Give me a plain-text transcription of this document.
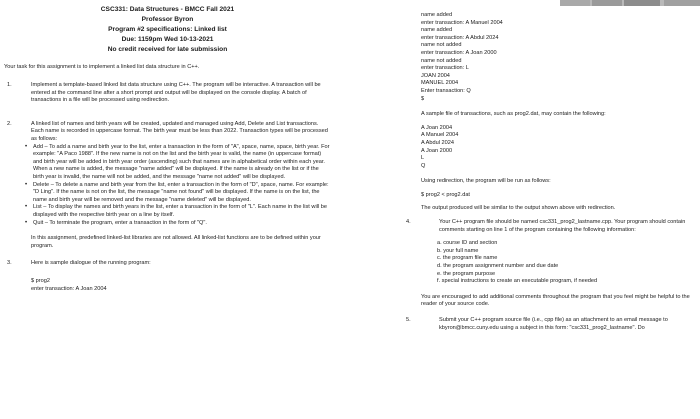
CSC331: Data Structures - BMCC Fall 2021

Professor Byron

Program #2 specifications: Linked list

Due: 1159pm Wed 10-13-2021

No credit received for late submission

Your task for this assignment is to implement a linked list data structure in C++.

1.	Implement a template-based linked list data structure using C++. The program will be interactive. A transaction will be entered at the command line after a short prompt and output will be displayed on the console display. A batch of transactions in a file will be processed using redirection.

2.	A linked list of names and birth years will be created, updated and managed using Add, Delete and List transactions. Each name is recorded in uppercase format. The birth year must be less than 2022. Transaction types will be processed as follows:

• Add – To add a name and birth year to the list, enter a transaction in the form of "A", space, name, space, birth year. For example: "A Paco 1988". If the new name is not on the list and the birth year is valid, the name (in uppercase format) and birth year will be added in birth year order (ascending) such that names are in alphabetical order within each year. When a new name is added, the message "name added" will be displayed. If the name is already on the list or if the birth year is invalid, the name will not be added, and the message "name not added" will be displayed.
• Delete – To delete a name and birth year from the list, enter a transaction in the form of "D", space, name. For example: "D Ling". If the name is not on the list, the message "name not found" will be displayed. If the name is on the list, the name and birth year will be removed and the message "name deleted" will be displayed.
• List – To display the names and birth years in the list, enter a transaction in the form of "L". Each name in the list will be displayed with the respective birth year on a line by itself.
• Quit – To terminate the program, enter a transaction in the form of "Q".

In this assignment, predefined linked-list libraries are not allowed. All linked-list functions are to be defined within your program.

3.	Here is sample dialogue of the running program:

$ prog2

enter transaction: A Joan 2004

name added

enter transaction: A Manuel 2004

name added

enter transaction: A Abdul 2024

name not added

enter transaction: A Joan 2000

name not added

enter transaction: L

JOAN 2004

MANUEL 2004

Enter transaction: Q

$

A sample file of transactions, such as prog2.dat, may contain the following:

A Joan 2004

A Manuel 2004

A Abdul 2024

A Joan 2000

L

Q

Using redirection, the program will be run as follows:

$ prog2 < prog2.dat

The output produced will be similar to the output shown above with redirection.

4.	Your C++ program file should be named csc331_prog2_lastname.cpp. Your program should contain comments starting on line 1 of the program containing the following information:

a. course ID and section

b. your full name

c. the program file name

d. the program assignment number and due date

e. the program purpose

f. special instructions to create an executable program, if needed

You are encouraged to add additional comments throughout the program that you feel might be helpful to the reader of your source code.

5.	Submit your C++ program source file (i.e., cpp file) as an attachment to an email message to kbyron@bmcc.cuny.edu using a subject in this form: "csc331_prog2_lastname". Do
